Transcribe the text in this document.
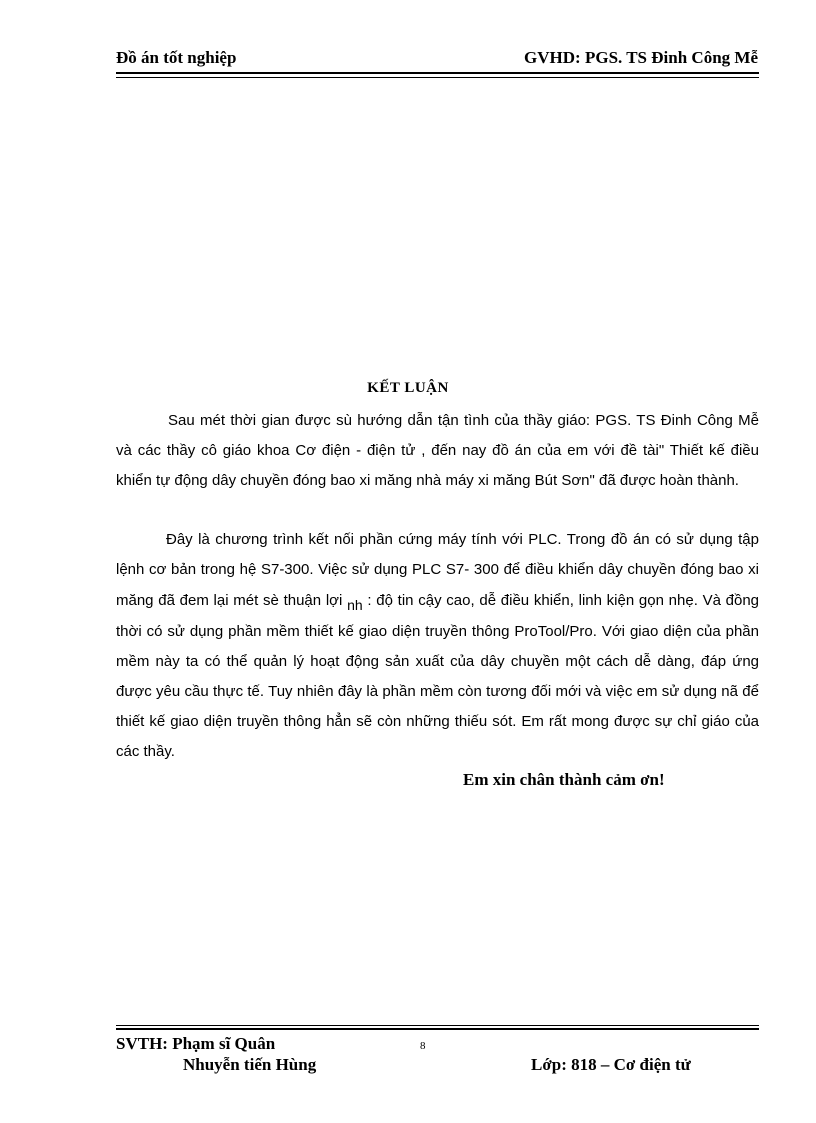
Đồ án tốt nghiệp	GVHD: PGS. TS Đinh Công Mễ
KẾT LUẬN

Sau mét thời gian được sù hướng dẫn tận tình của thầy giáo: PGS. TS Đinh Công Mễ và các thầy cô giáo khoa Cơ điện - điện tử , đến nay đồ án của em với đề tài" Thiết kế điều khiển tự động dây chuyền đóng bao xi măng nhà máy xi măng Bút Sơn" đã được hoàn thành.

Đây là chương trình kết nối phần cứng máy tính với PLC. Trong đồ án có sử dụng tập lệnh cơ bản trong hệ S7-300. Việc sử dụng PLC S7- 300 để điều khiển dây chuyền đóng bao xi măng đã đem lại mét sè thuận lợi nh : độ tin cậy cao, dễ điều khiển, linh kiện gọn nhẹ. Và đồng thời có sử dụng phần mềm thiết kế giao diện truyền thông ProTool/Pro. Với giao diện của phần mềm này ta có thể quản lý hoạt động sản xuất của dây chuyền một cách dễ dàng, đáp ứng được yêu cầu thực tế. Tuy nhiên đây là phần mềm còn tương đối mới và việc em sử dụng nã để thiết kế giao diện truyền thông hẳn sẽ còn những thiếu sót. Em rất mong được sự chỉ giáo của các thầy.

Em xin chân thành cảm ơn!
SVTH: Phạm sĩ Quân
Nhuyễn tiến Hùng
8
Lớp: 818 – Cơ điện tử
